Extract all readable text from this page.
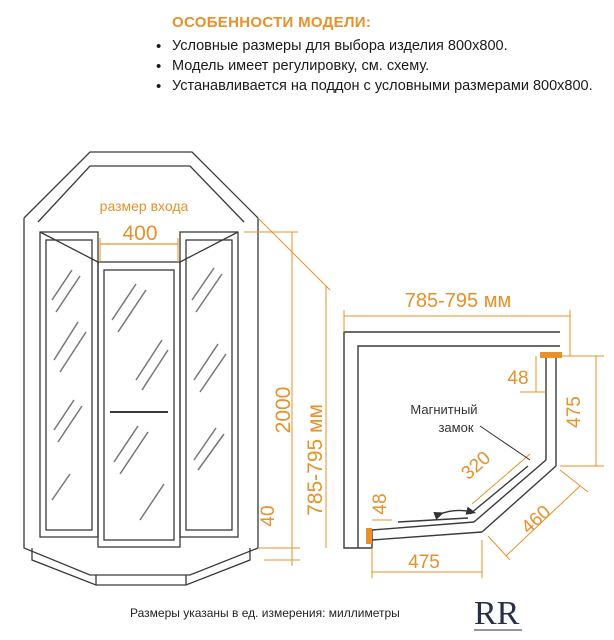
ОСОБЕННОСТИ МОДЕЛИ:
• Условные размеры для выбора изделия 800х800.
• Модель имеет регулировку, см. схему.
• Устанавливается на поддон с условными размерами 800х800.
размер входа
400
2000 785-795 мм
40
785-795 мм
48
475
Магнитный
замок
320
460
48
475
Размеры указаны в ед. измерения: миллиметры	RR
